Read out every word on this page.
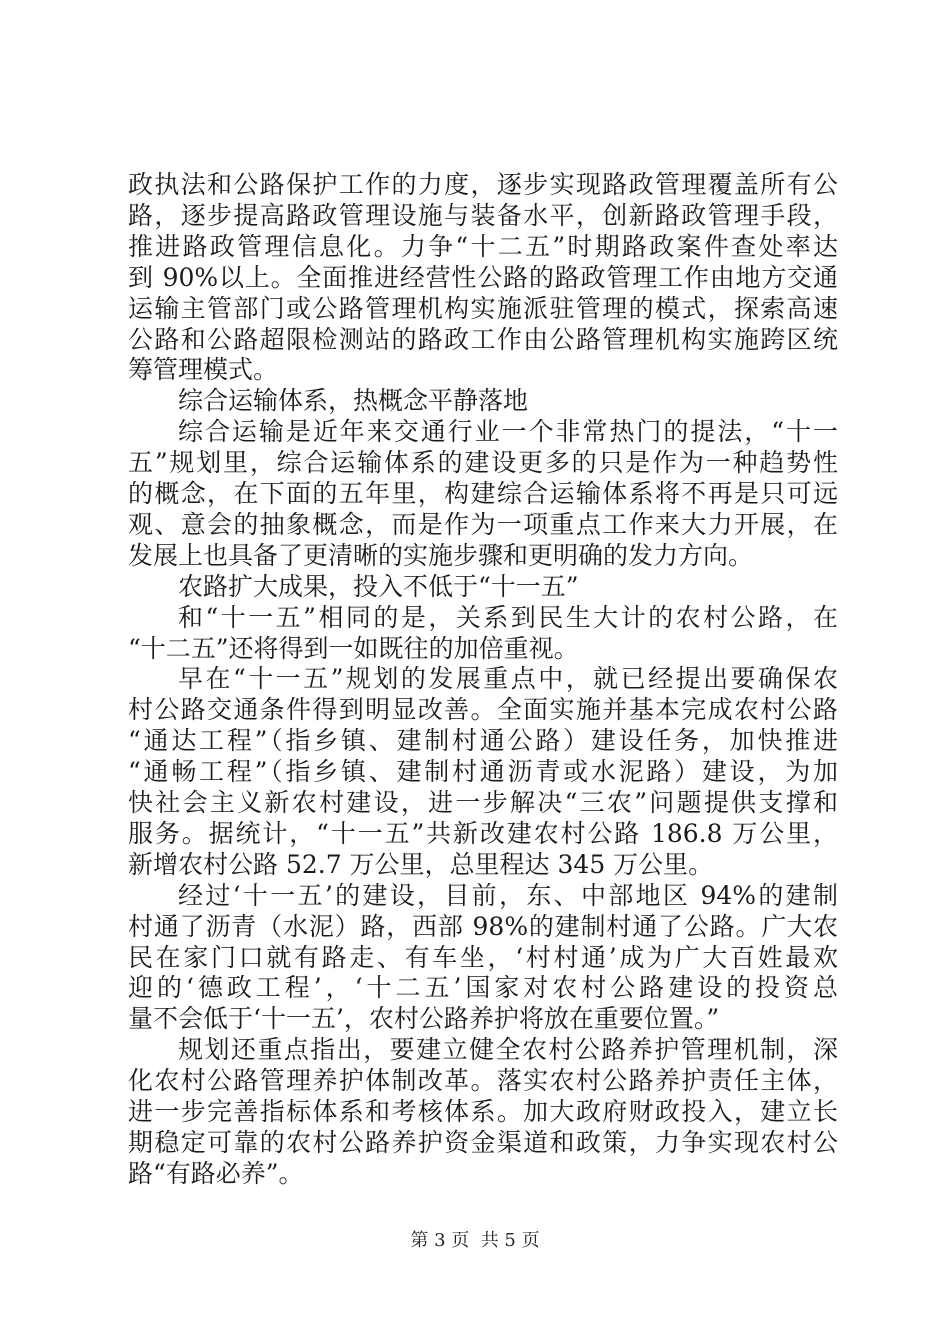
政执法和公路保护工作的力度，逐步实现路政管理覆盖所有公
路，逐步提高路政管理设施与装备水平，创新路政管理手段，
推进路政管理信息化。力争“十二五”时期路政案件查处率达
到 90%以上。全面推进经营性公路的路政管理工作由地方交通
运输主管部门或公路管理机构实施派驻管理的模式，探索高速
公路和公路超限检测站的路政工作由公路管理机构实施跨区统
筹管理模式。
综合运输体系，热概念平静落地
综合运输是近年来交通行业一个非常热门的提法，“十一
五”规划里，综合运输体系的建设更多的只是作为一种趋势性
的概念，在下面的五年里，构建综合运输体系将不再是只可远
观、意会的抽象概念，而是作为一项重点工作来大力开展，在
发展上也具备了更清晰的实施步骤和更明确的发力方向。
农路扩大成果，投入不低于“十一五”
和“十一五”相同的是，关系到民生大计的农村公路，在
“十二五”还将得到一如既往的加倍重视。
早在“十一五”规划的发展重点中，就已经提出要确保农
村公路交通条件得到明显改善。全面实施并基本完成农村公路
“通达工程”（指乡镇、建制村通公路）建设任务，加快推进
“通畅工程”（指乡镇、建制村通沥青或水泥路）建设，为加
快社会主义新农村建设，进一步解决“三农”问题提供支撑和
服务。据统计，“十一五”共新改建农村公路 186.8 万公里，
新增农村公路 52.7 万公里，总里程达 345 万公里。
经过‘十一五’的建设，目前，东、中部地区 94%的建制
村通了沥青（水泥）路，西部 98%的建制村通了公路。广大农
民在家门口就有路走、有车坐，‘村村通’成为广大百姓最欢
迎的‘德政工程’，‘十二五’国家对农村公路建设的投资总
量不会低于‘十一五’，农村公路养护将放在重要位置。”
规划还重点指出，要建立健全农村公路养护管理机制，深
化农村公路管理养护体制改革。落实农村公路养护责任主体，
进一步完善指标体系和考核体系。加大政府财政投入，建立长
期稳定可靠的农村公路养护资金渠道和政策，力争实现农村公
路“有路必养”。
第 3 页  共 5 页
